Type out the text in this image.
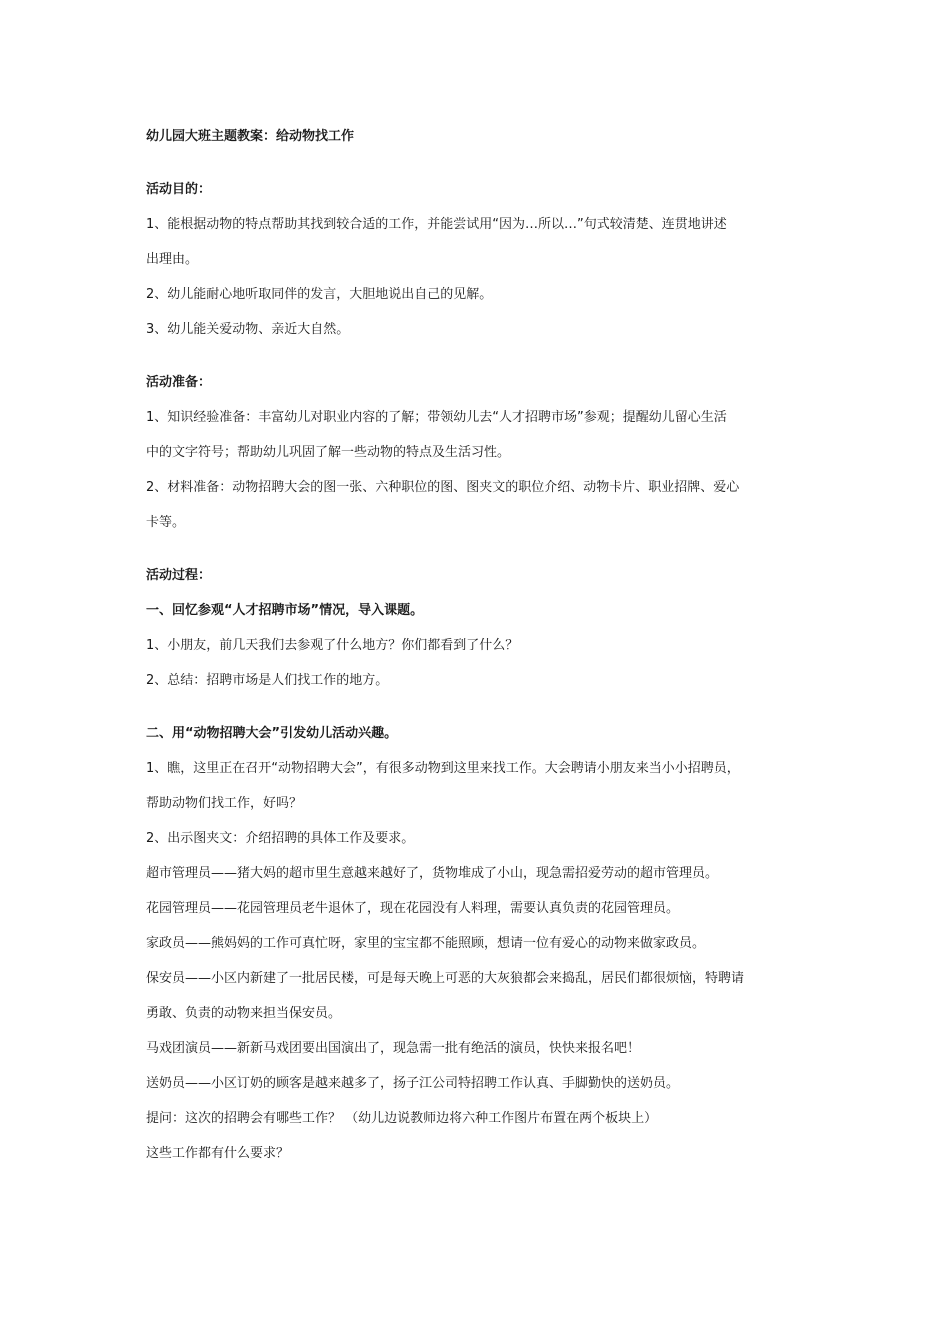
幼儿园大班主题教案：给动物找工作

活动目的：

1、能根据动物的特点帮助其找到较合适的工作，并能尝试用“因为…所以…”句式较清楚、连贯地讲述

出理由。

2、幼儿能耐心地听取同伴的发言，大胆地说出自己的见解。

3、幼儿能关爱动物、亲近大自然。

活动准备：

1、知识经验准备：丰富幼儿对职业内容的了解；带领幼儿去“人才招聘市场”参观；提醒幼儿留心生活

中的文字符号；帮助幼儿巩固了解一些动物的特点及生活习性。

2、材料准备：动物招聘大会的图一张、六种职位的图、图夹文的职位介绍、动物卡片、职业招牌、爱心

卡等。

活动过程：

一、回忆参观“人才招聘市场”情况，导入课题。

1、小朋友，前几天我们去参观了什么地方？你们都看到了什么？

2、总结：招聘市场是人们找工作的地方。

二、用“动物招聘大会”引发幼儿活动兴趣。

1、瞧，这里正在召开“动物招聘大会”，有很多动物到这里来找工作。大会聘请小朋友来当小小招聘员，

帮助动物们找工作，好吗？

2、出示图夹文：介绍招聘的具体工作及要求。

超市管理员——猪大妈的超市里生意越来越好了，货物堆成了小山，现急需招爱劳动的超市管理员。

花园管理员——花园管理员老牛退休了，现在花园没有人料理，需要认真负责的花园管理员。

家政员——熊妈妈的工作可真忙呀，家里的宝宝都不能照顾，想请一位有爱心的动物来做家政员。

保安员——小区内新建了一批居民楼，可是每天晚上可恶的大灰狼都会来捣乱，居民们都很烦恼，特聘请

勇敢、负责的动物来担当保安员。

马戏团演员——新新马戏团要出国演出了，现急需一批有绝活的演员，快快来报名吧！

送奶员——小区订奶的顾客是越来越多了，扬子江公司特招聘工作认真、手脚勤快的送奶员。

提问：这次的招聘会有哪些工作？ （幼儿边说教师边将六种工作图片布置在两个板块上）

这些工作都有什么要求？
